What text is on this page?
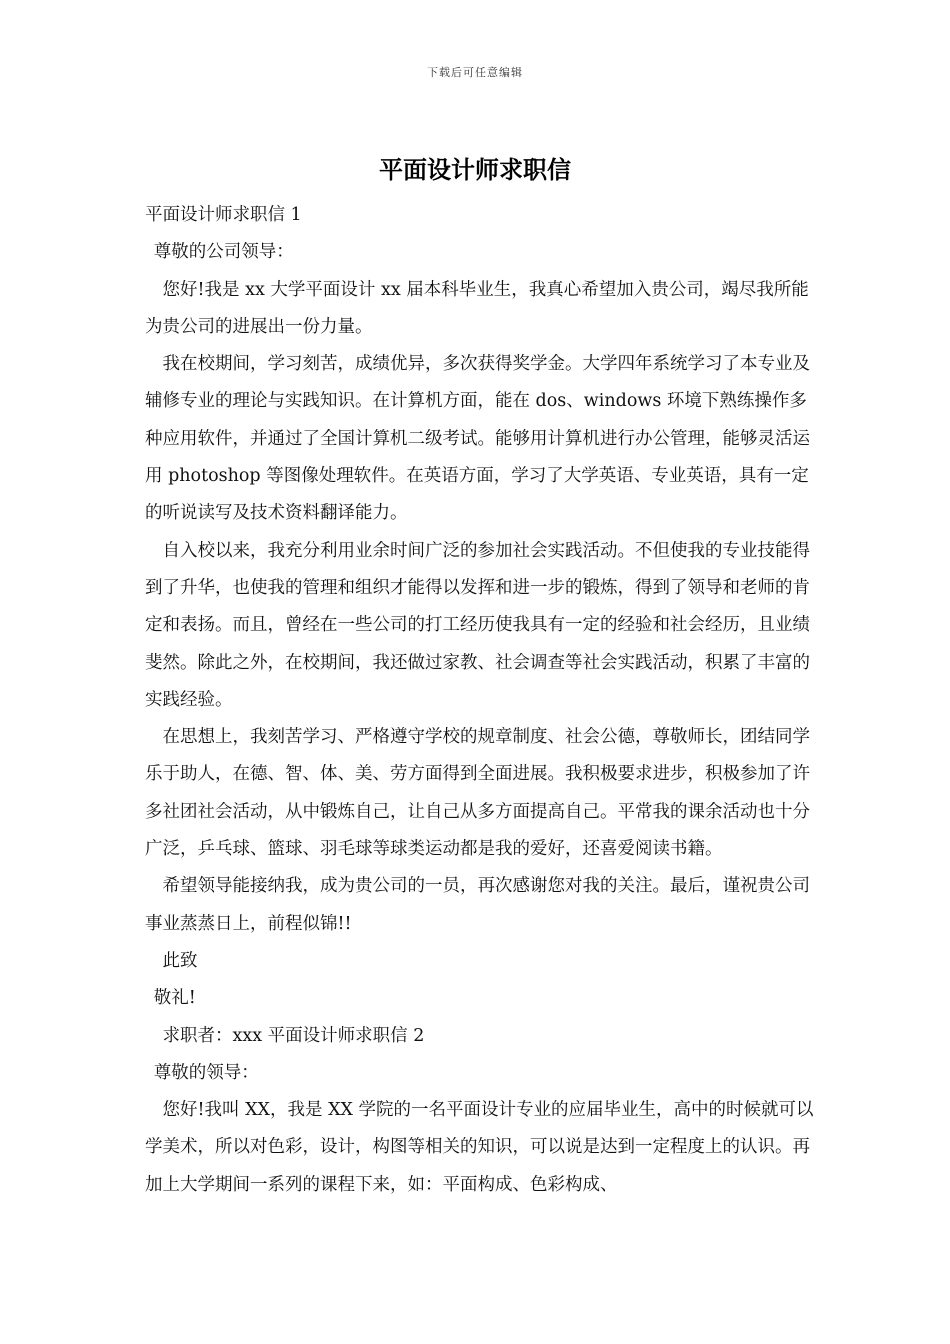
下载后可任意编辑
平面设计师求职信

平面设计师求职信 1

尊敬的公司领导：

您好!我是 xx 大学平面设计 xx 届本科毕业生，我真心希望加入贵公司，竭尽我所能为贵公司的进展出一份力量。

我在校期间，学习刻苦，成绩优异，多次获得奖学金。大学四年系统学习了本专业及辅修专业的理论与实践知识。在计算机方面，能在 dos、windows 环境下熟练操作多种应用软件，并通过了全国计算机二级考试。能够用计算机进行办公管理，能够灵活运用 photoshop 等图像处理软件。在英语方面，学习了大学英语、专业英语，具有一定的听说读写及技术资料翻译能力。

自入校以来，我充分利用业余时间广泛的参加社会实践活动。不但使我的专业技能得到了升华，也使我的管理和组织才能得以发挥和进一步的锻炼，得到了领导和老师的肯定和表扬。而且，曾经在一些公司的打工经历使我具有一定的经验和社会经历，且业绩斐然。除此之外，在校期间，我还做过家教、社会调查等社会实践活动，积累了丰富的实践经验。

在思想上，我刻苦学习、严格遵守学校的规章制度、社会公德，尊敬师长，团结同学乐于助人，在德、智、体、美、劳方面得到全面进展。我积极要求进步，积极参加了许多社团社会活动，从中锻炼自己，让自己从多方面提高自己。平常我的课余活动也十分广泛，乒乓球、篮球、羽毛球等球类运动都是我的爱好，还喜爱阅读书籍。

希望领导能接纳我，成为贵公司的一员，再次感谢您对我的关注。最后，谨祝贵公司事业蒸蒸日上，前程似锦!!

此致

敬礼!

求职者：xxx 平面设计师求职信 2

尊敬的领导：

您好!我叫 XX，我是 XX 学院的一名平面设计专业的应届毕业生，高中的时候就可以学美术，所以对色彩，设计，构图等相关的知识，可以说是达到一定程度上的认识。再加上大学期间一系列的课程下来，如：平面构成、色彩构成、
